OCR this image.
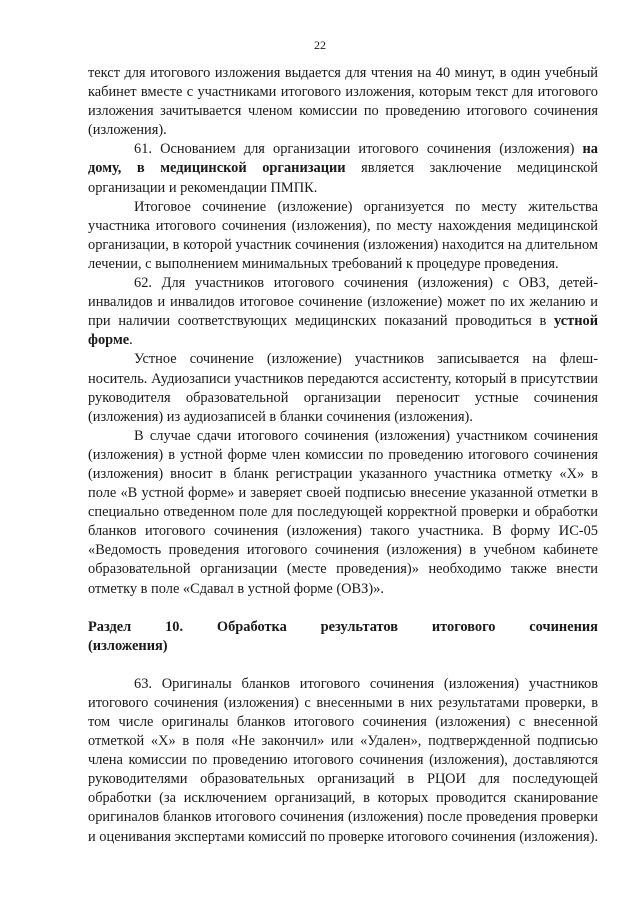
22

текст для итогового изложения выдается для чтения на 40 минут, в один учебный кабинет вместе с участниками итогового изложения, которым текст для итогового изложения зачитывается членом комиссии по проведению итогового сочинения (изложения).

61. Основанием для организации итогового сочинения (изложения) на дому, в медицинской организации является заключение медицинской организации и рекомендации ПМПК.

Итоговое сочинение (изложение) организуется по месту жительства участника итогового сочинения (изложения), по месту нахождения медицинской организации, в которой участник сочинения (изложения) находится на длительном лечении, с выполнением минимальных требований к процедуре проведения.

62. Для участников итогового сочинения (изложения) с ОВЗ, детей-инвалидов и инвалидов итоговое сочинение (изложение) может по их желанию и при наличии соответствующих медицинских показаний проводиться в устной форме.

Устное сочинение (изложение) участников записывается на флеш-носитель. Аудиозаписи участников передаются ассистенту, который в присутствии руководителя образовательной организации переносит устные сочинения (изложения) из аудиозаписей в бланки сочинения (изложения).

В случае сдачи итогового сочинения (изложения) участником сочинения (изложения) в устной форме член комиссии по проведению итогового сочинения (изложения) вносит в бланк регистрации указанного участника отметку «Х» в поле «В устной форме» и заверяет своей подписью внесение указанной отметки в специально отведенном поле для последующей корректной проверки и обработки бланков итогового сочинения (изложения) такого участника. В форму ИС-05 «Ведомость проведения итогового сочинения (изложения) в учебном кабинете образовательной организации (месте проведения)» необходимо также внести отметку в поле «Сдавал в устной форме (ОВЗ)».

Раздел 10. Обработка результатов итогового сочинения
(изложения)

63. Оригиналы бланков итогового сочинения (изложения) участников итогового сочинения (изложения) с внесенными в них результатами проверки, в том числе оригиналы бланков итогового сочинения (изложения) с внесенной отметкой «Х» в поля «Не закончил» или «Удален», подтвержденной подписью члена комиссии по проведению итогового сочинения (изложения), доставляются руководителями образовательных организаций в РЦОИ для последующей обработки (за исключением организаций, в которых проводится сканирование оригиналов бланков итогового сочинения (изложения) после проведения проверки и оценивания экспертами комиссий по проверке итогового сочинения (изложения).
